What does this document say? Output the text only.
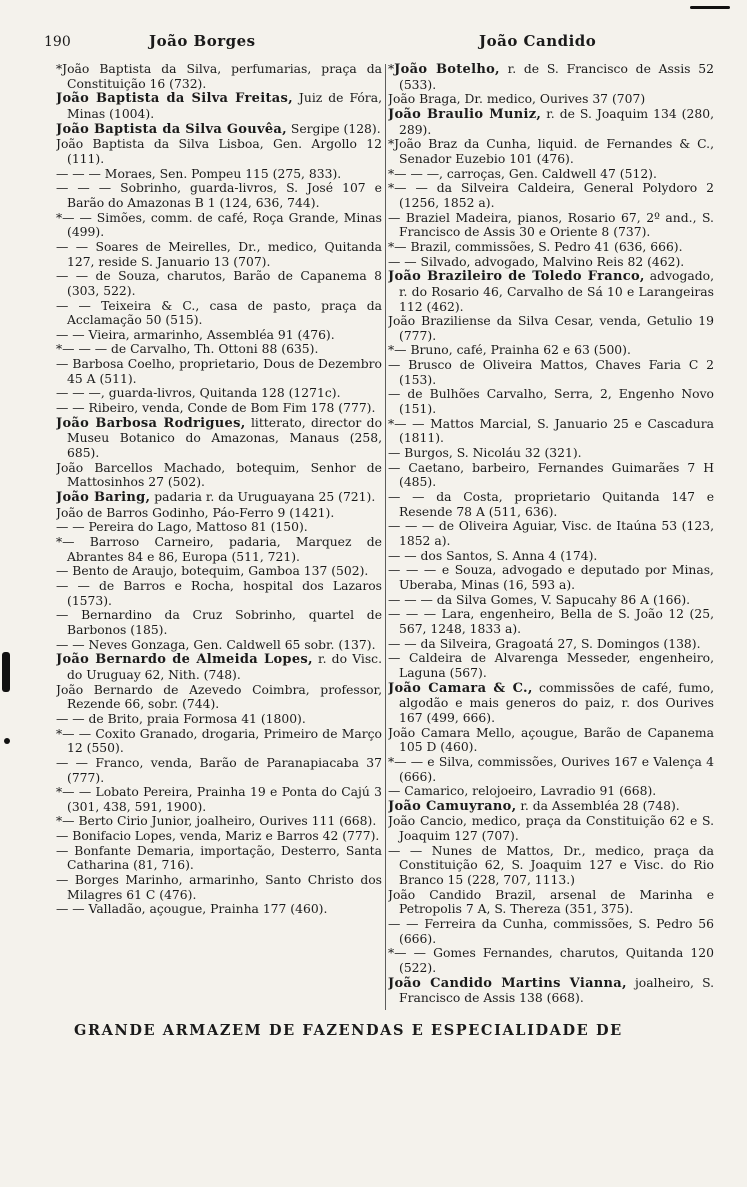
190	João Borges	João Candido

*João Baptista da Silva, perfumarias, praça da Constituição 16 (732).

João Baptista da Silva Freitas, Juiz de Fóra, Minas (1004).

João Baptista da Silva Gouvêa, Sergipe (128).

João Baptista da Silva Lisboa, Gen. Argollo 12 (111).

— — — Moraes, Sen. Pompeu 115 (275, 833).

— — — Sobrinho, guarda-livros, S. José 107 e Barão do Amazonas B 1 (124, 636, 744).

*— — Simões, comm. de café, Roça Grande, Minas (499).

— — Soares de Meirelles, Dr., medico, Quitanda 127, reside S. Januario 13 (707).

— — de Souza, charutos, Barão de Capanema 8 (303, 522).

— — Teixeira & C., casa de pasto, praça da Acclamação 50 (515).

— — Vieira, armarinho, Assembléa 91 (476).

*— — — de Carvalho, Th. Ottoni 88 (635).

— Barbosa Coelho, proprietario, Dous de Dezembro 45 A (511).

— — —, guarda-livros, Quitanda 128 (1271c).

— — Ribeiro, venda, Conde de Bom Fim 178 (777).

João Barbosa Rodrigues, litterato, director do Museu Botanico do Amazonas, Manaus (258, 685).

João Barcellos Machado, botequim, Senhor de Mattosinhos 27 (502).

João Baring, padaria r. da Uruguayana 25 (721).

João de Barros Godinho, Páo-Ferro 9 (1421).

— — Pereira do Lago, Mattoso 81 (150).

*— Barroso Carneiro, padaria, Marquez de Abrantes 84 e 86, Europa (511, 721).

— Bento de Araujo, botequim, Gamboa 137 (502).

— — de Barros e Rocha, hospital dos Lazaros (1573).

— Bernardino da Cruz Sobrinho, quartel de Barbonos (185).

— — Neves Gonzaga, Gen. Caldwell 65 sobr. (137).

João Bernardo de Almeida Lopes, r. do Visc. do Uruguay 62, Nith. (748).

João Bernardo de Azevedo Coimbra, professor, Rezende 66, sobr. (744).

— — de Brito, praia Formosa 41 (1800).

*— — Coxito Granado, drogaria, Primeiro de Março 12 (550).

— — Franco, venda, Barão de Paranapiacaba 37 (777).

*— — Lobato Pereira, Prainha 19 e Ponta do Cajú 3 (301, 438, 591, 1900).

*— Berto Cirio Junior, joalheiro, Ourives 111 (668).

— Bonifacio Lopes, venda, Mariz e Barros 42 (777).

— Bonfante Demaria, importação, Desterro, Santa Catharina (81, 716).

— Borges Marinho, armarinho, Santo Christo dos Milagres 61 C (476).

— — Valladão, açougue, Prainha 177 (460).

*João Botelho, r. de S. Francisco de Assis 52 (533).

João Braga, Dr. medico, Ourives 37 (707)

João Braulio Muniz, r. de S. Joaquim 134 (280, 289).

*João Braz da Cunha, liquid. de Fernandes & C., Senador Euzebio 101 (476).

*— — —, carroças, Gen. Caldwell 47 (512).

*— — da Silveira Caldeira, General Polydoro 2 (1256, 1852 a).

— Braziel Madeira, pianos, Rosario 67, 2º and., S. Francisco de Assis 30 e Oriente 8 (737).

*— Brazil, commissões, S. Pedro 41 (636, 666).

— — Silvado, advogado, Malvino Reis 82 (462).

João Brazileiro de Toledo Franco, advogado, r. do Rosario 46, Carvalho de Sá 10 e Larangeiras 112 (462).

João Braziliense da Silva Cesar, venda, Getulio 19 (777).

*— Bruno, café, Prainha 62 e 63 (500).

— Brusco de Oliveira Mattos, Chaves Faria C 2 (153).

— de Bulhões Carvalho, Serra, 2, Engenho Novo (151).

*— — Mattos Marcial, S. Januario 25 e Cascadura (1811).

— Burgos, S. Nicoláu 32 (321).

— Caetano, barbeiro, Fernandes Guimarães 7 H (485).

— — da Costa, proprietario Quitanda 147 e Resende 78 A (511, 636).

— — — de Oliveira Aguiar, Visc. de Itaúna 53 (123, 1852 a).

— — dos Santos, S. Anna 4 (174).

— — — e Souza, advogado e deputado por Minas, Uberaba, Minas (16, 593 a).

— — — da Silva Gomes, V. Sapucahy 86 A (166).

— — — Lara, engenheiro, Bella de S. João 12 (25, 567, 1248, 1833 a).

— — da Silveira, Gragoatá 27, S. Domingos (138).

— Caldeira de Alvarenga Messeder, engenheiro, Laguna (567).

João Camara & C., commissões de café, fumo, algodão e mais generos do paiz, r. dos Ourives 167 (499, 666).

João Camara Mello, açougue, Barão de Capanema 105 D (460).

*— — e Silva, commissões, Ourives 167 e Valença 4 (666).

— Camarico, relojoeiro, Lavradio 91 (668).

João Camuyrano, r. da Assembléa 28 (748).

João Cancio, medico, praça da Constituição 62 e S. Joaquim 127 (707).

— — Nunes de Mattos, Dr., medico, praça da Constituição 62, S. Joaquim 127 e Visc. do Rio Branco 15 (228, 707, 1113.)

João Candido Brazil, arsenal de Marinha e Petropolis 7 A, S. Thereza (351, 375).

— — Ferreira da Cunha, commissões, S. Pedro 56 (666).

*— — Gomes Fernandes, charutos, Quitanda 120 (522).

João Candido Martins Vianna, joalheiro, S. Francisco de Assis 138 (668).

GRANDE ARMAZEM DE FAZENDAS E ESPECIALIDADE DE
